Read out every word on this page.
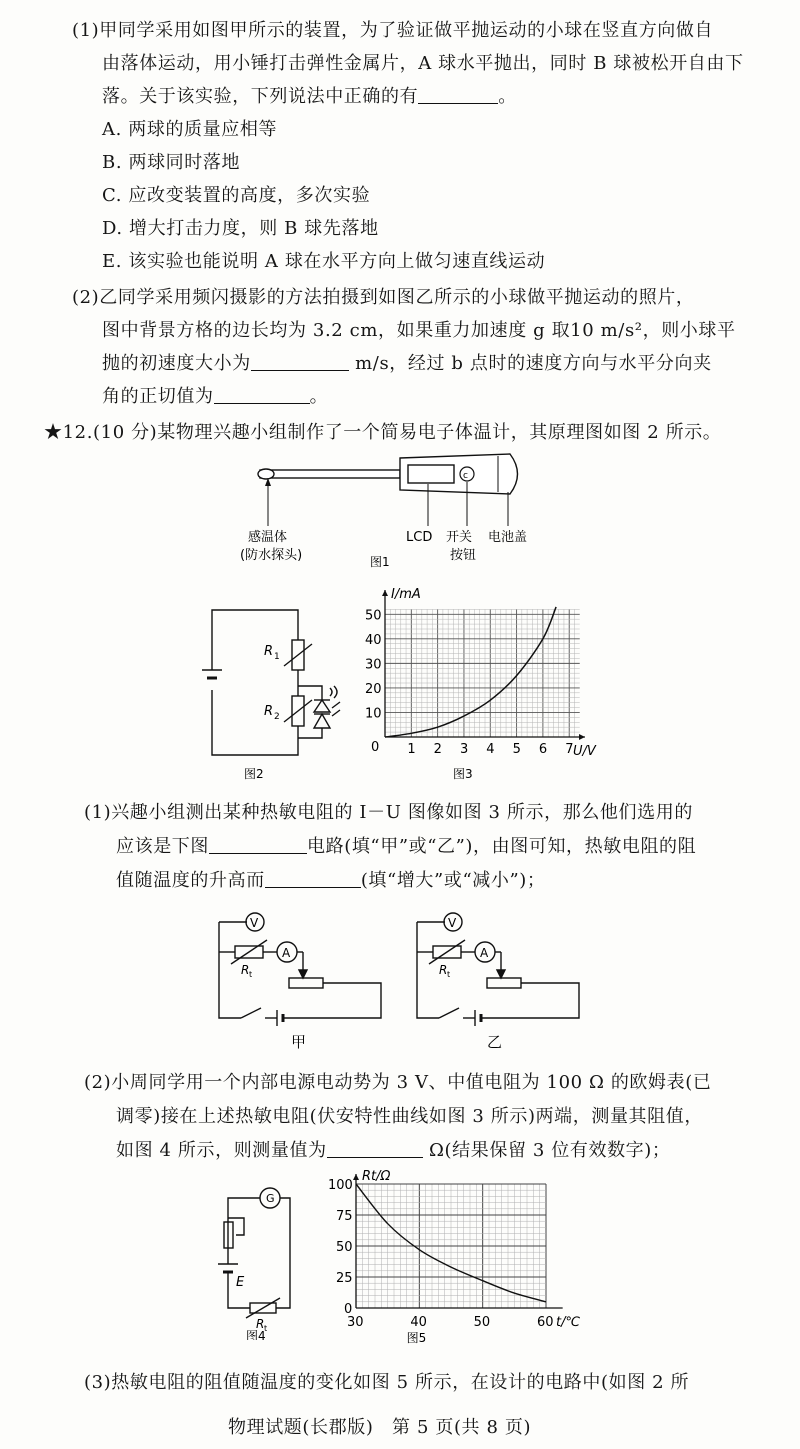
(1)甲同学采用如图甲所示的装置，为了验证做平抛运动的小球在竖直方向做自
由落体运动，用小锤打击弹性金属片，A 球水平抛出，同时 B 球被松开自由下
落。关于该实验，下列说法中正确的有	。
A. 两球的质量应相等
B. 两球同时落地
C. 应改变装置的高度，多次实验
D. 增大打击力度，则 B 球先落地
E. 该实验也能说明 A 球在水平方向上做匀速直线运动
(2)乙同学采用频闪摄影的方法拍摄到如图乙所示的小球做平抛运动的照片，
图中背景方格的边长均为 3.2 cm，如果重力加速度 g 取10 m/s²，则小球平
抛的初速度大小为	m/s，经过 b 点时的速度方向与水平分向夹
角的正切值为	。
★12.(10 分)某物理兴趣小组制作了一个简易电子体温计，其原理图如图 2 所示。
c
感温体
(防水探头)
LCD 开关
按钮
电池盖
图1
R 1
R 2
图2
1 2 3 4 5 6 7
10
20
30
40
50
0	U/V
I/mA
图3
(1)兴趣小组测出某种热敏电阻的 I－U 图像如图 3 所示，那么他们选用的
应该是下图	电路(填“甲”或“乙”)，由图可知，热敏电阻的阻
值随温度的升高而	(填“增大”或“减小”)；
V
A
R t
甲
V
A
R t
乙
(2)小周同学用一个内部电源电动势为 3 V、中值电阻为 100 Ω 的欧姆表(已
调零)接在上述热敏电阻(伏安特性曲线如图 3 所示)两端，测量其阻值，
如图 4 所示，则测量值为	Ω(结果保留 3 位有效数字)；
G
E
R t
图4
30	40	50	60
0
25
50
75
100
t/℃
Rt/Ω
图5
(3)热敏电阻的阻值随温度的变化如图 5 所示，在设计的电路中(如图 2 所
物理试题(长郡版)　第 5 页(共 8 页)
